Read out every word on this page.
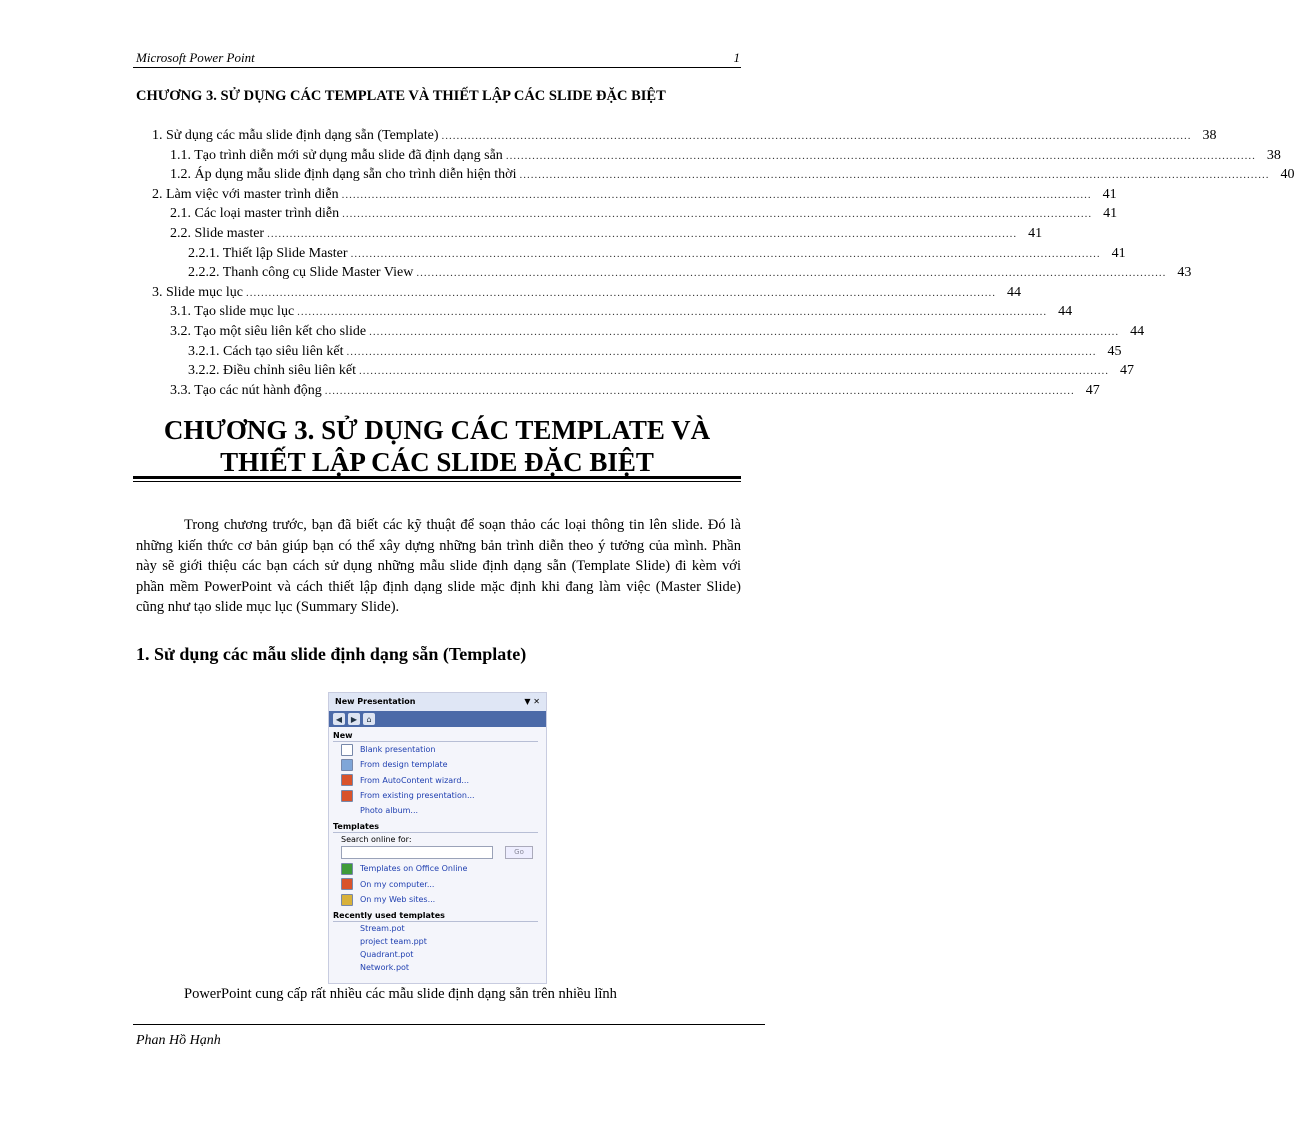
Microsoft Power Point	1
CHƯƠNG 3. SỬ DỤNG CÁC TEMPLATE VÀ THIẾT LẬP CÁC SLIDE ĐẶC BIỆT
1. Sử dụng các mẫu slide định dạng sẵn (Template) ........................................................................................................................................................................................................ 38
1.1. Tạo trình diễn mới sử dụng mẫu slide đã định dạng sẵn ........................................................................................................................................................................................................ 38
1.2. Áp dụng mẫu slide định dạng sẵn cho trình diễn hiện thời ........................................................................................................................................................................................................ 40
2. Làm việc với master trình diễn ........................................................................................................................................................................................................ 41
2.1. Các loại master trình diễn ........................................................................................................................................................................................................ 41
2.2. Slide master ........................................................................................................................................................................................................ 41
2.2.1. Thiết lập Slide Master ........................................................................................................................................................................................................ 41
2.2.2. Thanh công cụ Slide Master View ........................................................................................................................................................................................................ 43
3. Slide mục lục ........................................................................................................................................................................................................ 44
3.1. Tạo slide mục lục ........................................................................................................................................................................................................ 44
3.2. Tạo một siêu liên kết cho slide ........................................................................................................................................................................................................ 44
3.2.1. Cách tạo siêu liên kết ........................................................................................................................................................................................................ 45
3.2.2. Điều chỉnh siêu liên kết ........................................................................................................................................................................................................ 47
3.3. Tạo các nút hành động ........................................................................................................................................................................................................ 47
CHƯƠNG 3. SỬ DỤNG CÁC TEMPLATE VÀ
THIẾT LẬP CÁC SLIDE ĐẶC BIỆT
Trong chương trước, bạn đã biết các kỹ thuật để soạn thảo các loại thông tin lên slide. Đó là những kiến thức cơ bản giúp bạn có thể xây dựng những bản trình diễn theo ý tưởng của mình. Phần này sẽ giới thiệu các bạn cách sử dụng những mẫu slide định dạng sẵn (Template Slide) đi kèm với phần mềm PowerPoint và cách thiết lập định dạng slide mặc định khi đang làm việc (Master Slide) cũng như tạo slide mục lục (Summary Slide).
1. Sử dụng các mẫu slide định dạng sẵn (Template)
New Presentation	▼ ✕
◀	▶	⌂
New
Blank presentation
From design template
From AutoContent wizard...
From existing presentation...
Photo album...
Templates
Search online for:
Go
Templates on Office Online
On my computer...
On my Web sites...
Recently used templates
Stream.pot
project team.ppt
Quadrant.pot
Network.pot
PowerPoint cung cấp rất nhiều các mẫu slide định dạng sẵn trên nhiều lĩnh
Phan Hồ Hạnh
